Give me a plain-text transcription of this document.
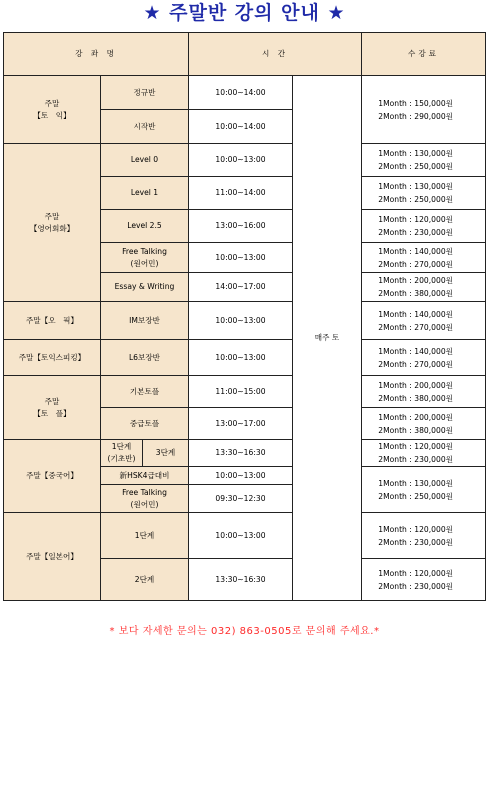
★ 주말반 강의 안내 ★
강 좌 명			시 간		수강료
주말
【토　익】	정규반		10:00~14:00	매주 토	1Month : 150,000원
2Month : 290,000원
	시작반		10:00~14:00		
주말
【영어회화】	Level 0		10:00~13:00		1Month : 130,000원
2Month : 250,000원
	Level 1		11:00~14:00		1Month : 130,000원
2Month : 250,000원
	Level 2.5		13:00~16:00		1Month : 120,000원
2Month : 230,000원
	Free Talking
(원어민)		10:00~13:00		1Month : 140,000원
2Month : 270,000원
	Essay & Writing		14:00~17:00		1Month : 200,000원
2Month : 380,000원
주말【오　픽】	IM보장반		10:00~13:00		1Month : 140,000원
2Month : 270,000원
주말【토익스피킹】	L6보장반		10:00~13:00		1Month : 140,000원
2Month : 270,000원
주말
【토　플】	기본토플		11:00~15:00		1Month : 200,000원
2Month : 380,000원
	중급토플		13:00~17:00		1Month : 200,000원
2Month : 380,000원
주말【중국어】	1단계
(기초반)	3단계	13:30~16:30		1Month : 120,000원
2Month : 230,000원
	新HSK4급대비		10:00~13:00		1Month : 130,000원
2Month : 250,000원
	Free Talking
(원어민)		09:30~12:30		
주말【일본어】	1단계		10:00~13:00		1Month : 120,000원
2Month : 230,000원
	2단계		13:30~16:30		1Month : 120,000원
2Month : 230,000원
* 보다 자세한 문의는 032) 863-0505로 문의해 주세요.*
